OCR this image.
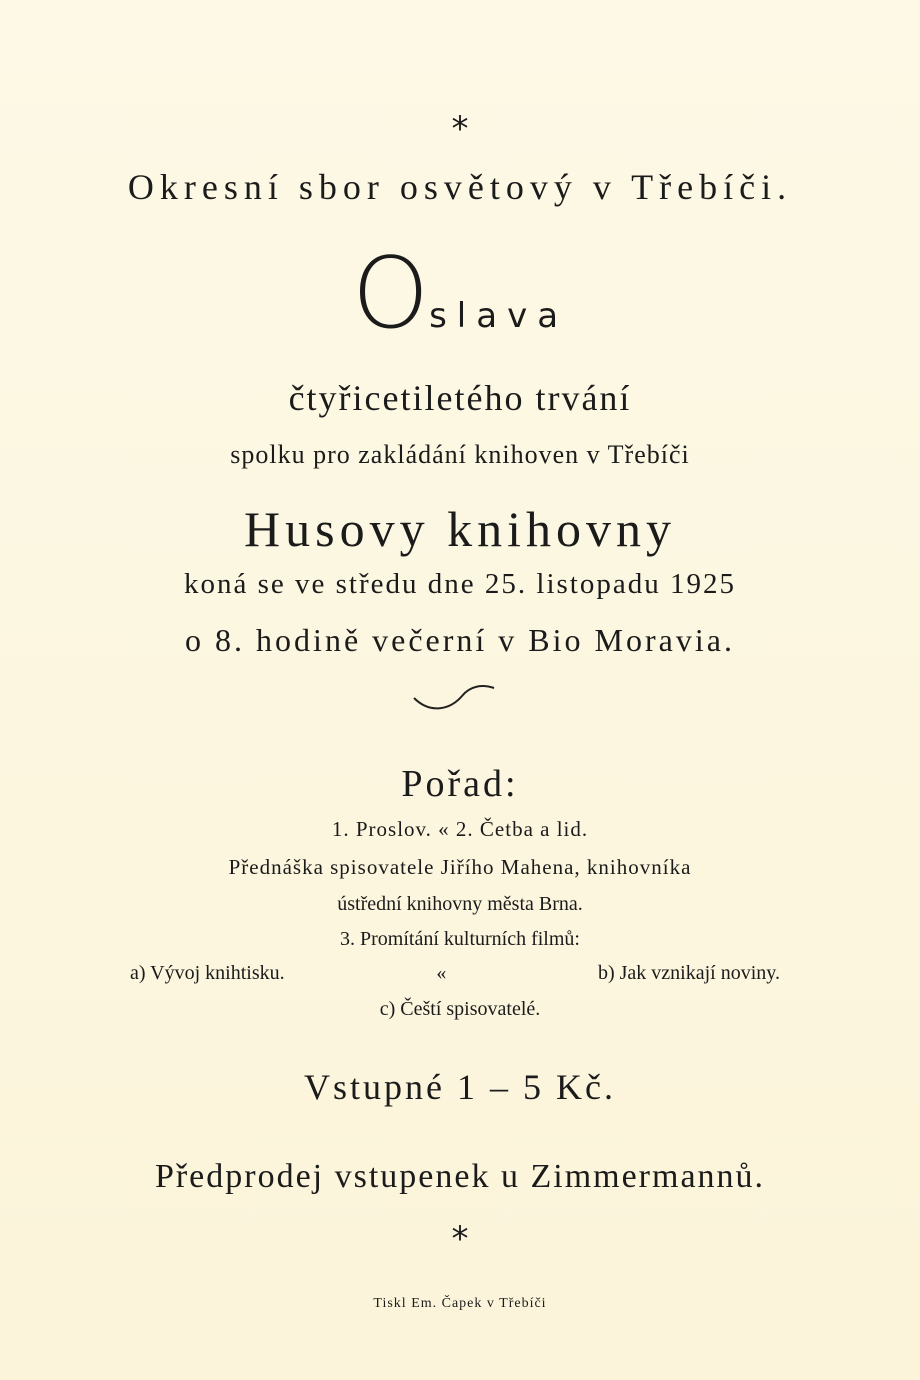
*
Okresní sbor osvětový v Třebíči.
Oslava
čtyřicetiletého trvání
spolku pro zakládání knihoven v Třebíči
Husovy knihovny
koná se ve středu dne 25. listopadu 1925
o 8. hodině večerní v Bio Moravia.
Pořad:
1. Proslov. « 2. Četba a lid.
Přednáška spisovatele Jiřího Mahena, knihovníka
ústřední knihovny města Brna.
3. Promítání kulturních filmů:
a) Vývoj knihtisku.	«	b) Jak vznikají noviny.
c) Čeští spisovatelé.
Vstupné 1 – 5 Kč.
Předprodej vstupenek u Zimmermannů.
*
Tiskl Em. Čapek v Třebíči
